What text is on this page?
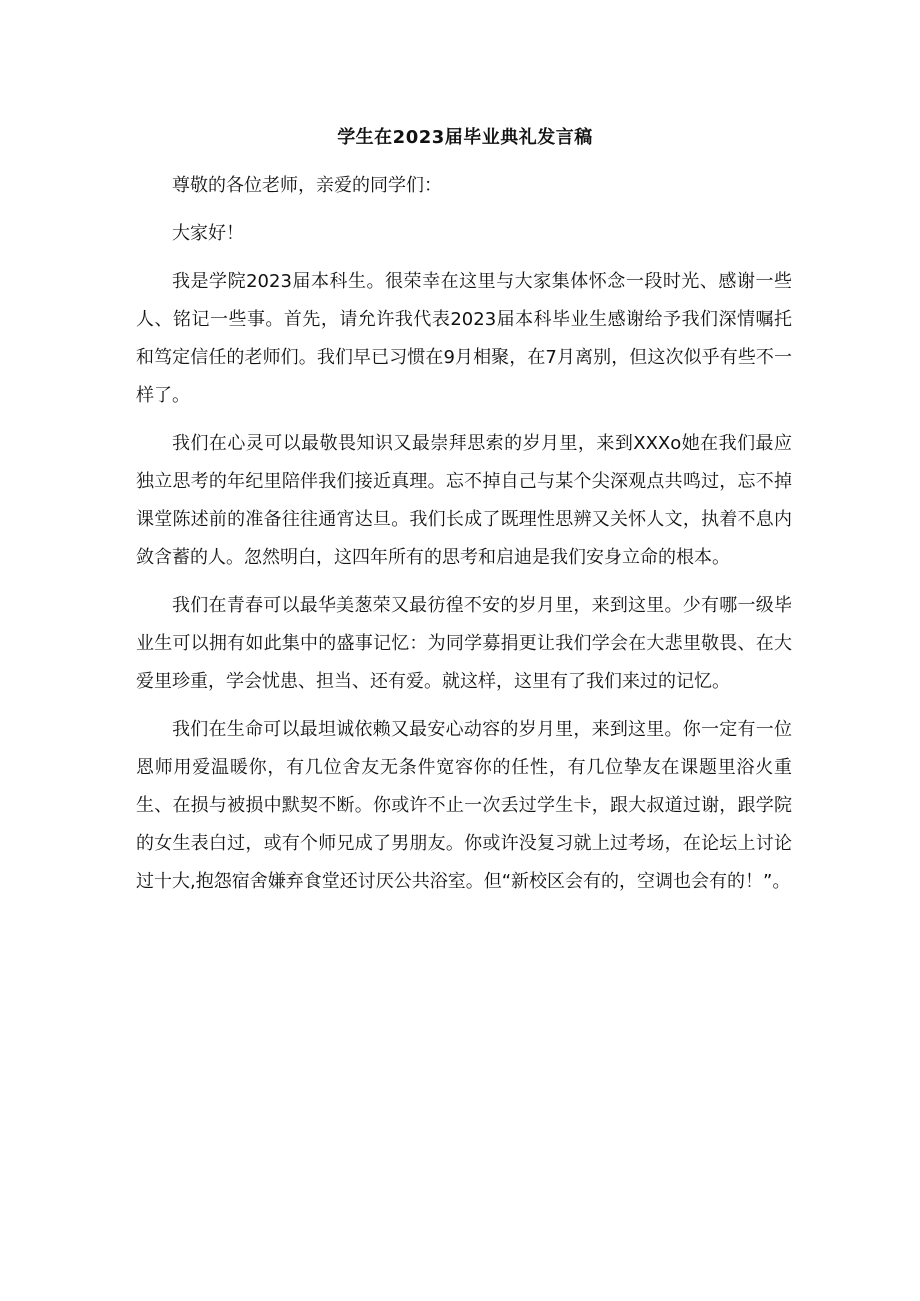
学生在2023届毕业典礼发言稿

尊敬的各位老师，亲爱的同学们：

大家好！

我是学院2023届本科生。很荣幸在这里与大家集体怀念一段时光、感谢一些人、铭记一些事。首先，请允许我代表2023届本科毕业生感谢给予我们深情嘱托和笃定信任的老师们。我们早已习惯在9月相聚，在7月离别，但这次似乎有些不一样了。

我们在心灵可以最敬畏知识又最崇拜思索的岁月里，来到XXXo她在我们最应独立思考的年纪里陪伴我们接近真理。忘不掉自己与某个尖深观点共鸣过，忘不掉课堂陈述前的准备往往通宵达旦。我们长成了既理性思辨又关怀人文，执着不息内敛含蓄的人。忽然明白，这四年所有的思考和启迪是我们安身立命的根本。

我们在青春可以最华美葱荣又最彷徨不安的岁月里，来到这里。少有哪一级毕业生可以拥有如此集中的盛事记忆：为同学募捐更让我们学会在大悲里敬畏、在大爱里珍重，学会忧患、担当、还有爱。就这样，这里有了我们来过的记忆。

我们在生命可以最坦诚依赖又最安心动容的岁月里，来到这里。你一定有一位恩师用爱温暖你，有几位舍友无条件宽容你的任性，有几位挚友在课题里浴火重生、在损与被损中默契不断。你或许不止一次丢过学生卡，跟大叔道过谢，跟学院的女生表白过，或有个师兄成了男朋友。你或许没复习就上过考场，在论坛上讨论过十大,抱怨宿舍嫌弃食堂还讨厌公共浴室。但“新校区会有的，空调也会有的！”。
